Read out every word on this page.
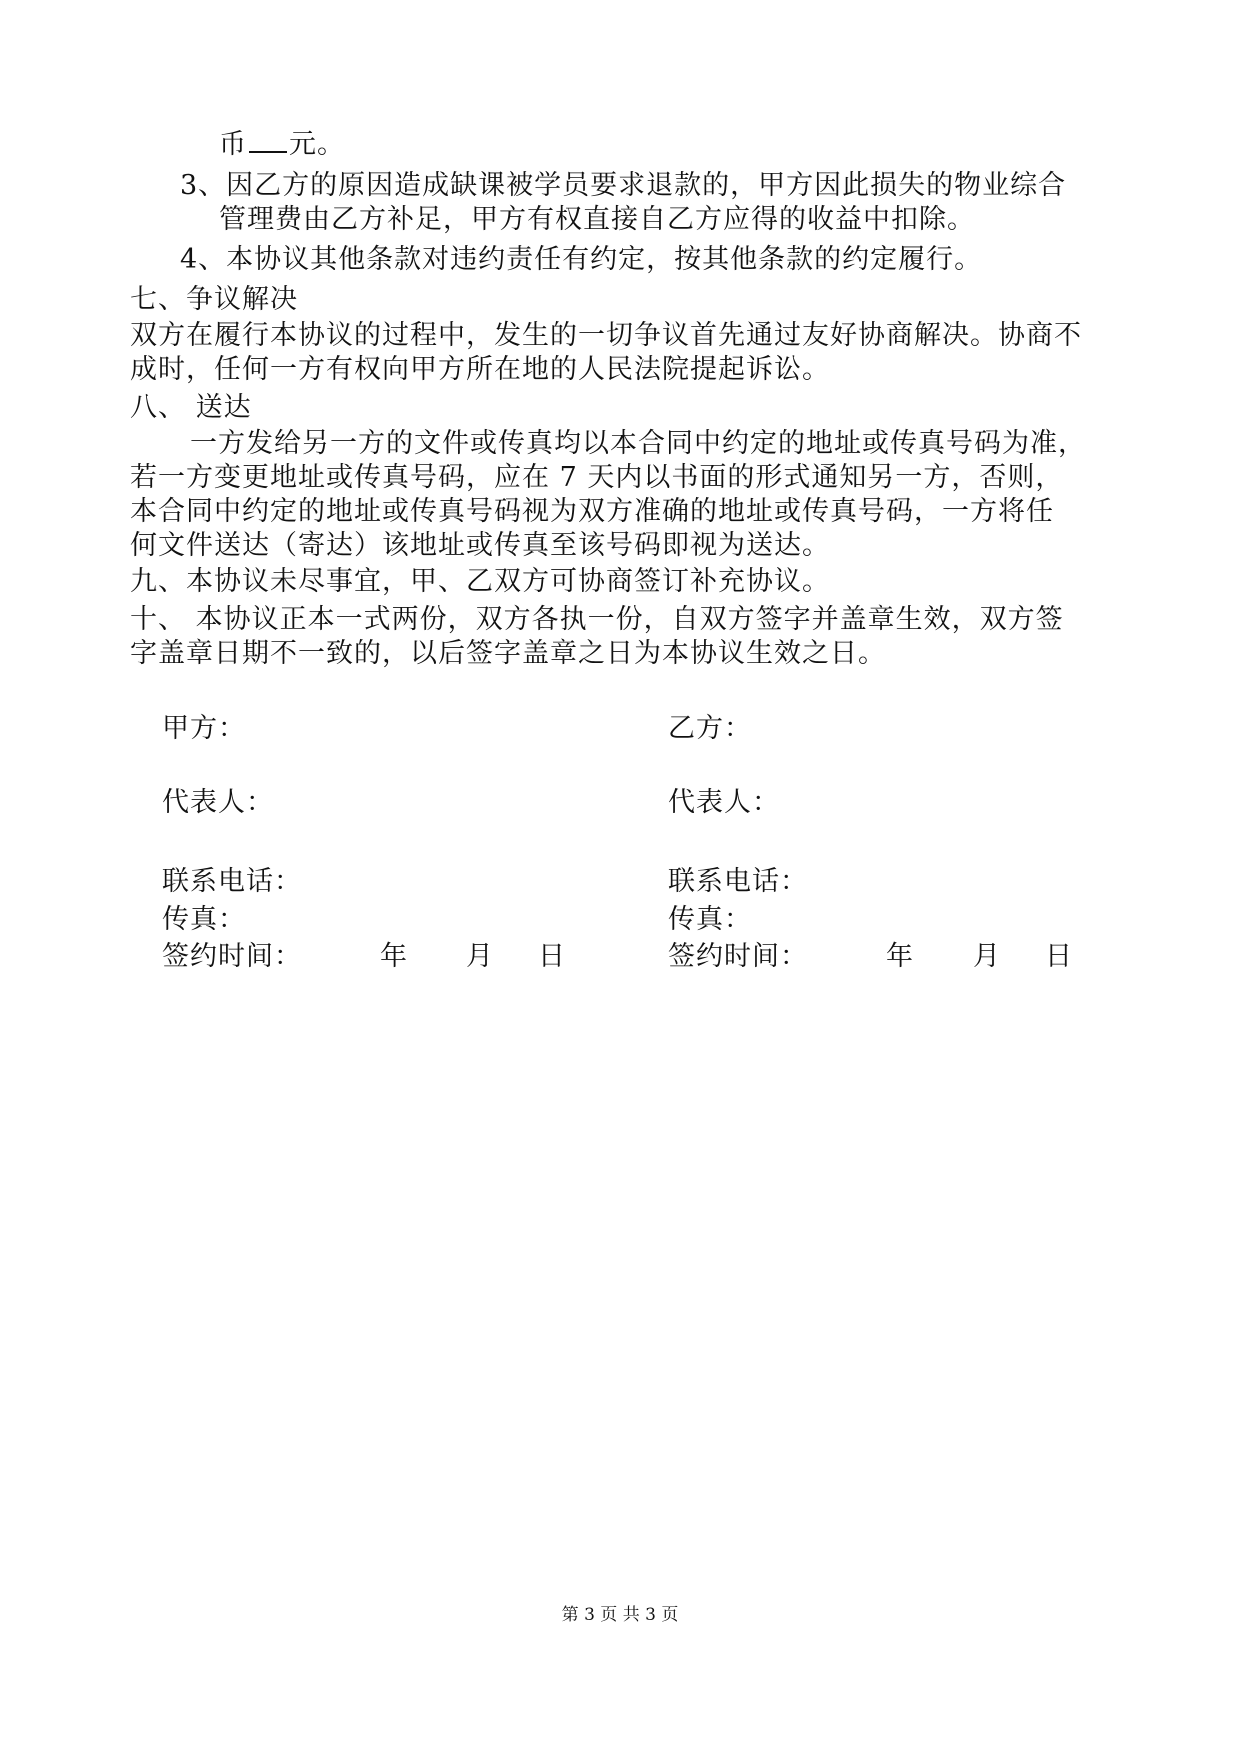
币 元。
3、因乙方的原因造成缺课被学员要求退款的，甲方因此损失的物业综合
管理费由乙方补足，甲方有权直接自乙方应得的收益中扣除。
4、本协议其他条款对违约责任有约定，按其他条款的约定履行。
七、争议解决
双方在履行本协议的过程中，发生的一切争议首先通过友好协商解决。协商不
成时，任何一方有权向甲方所在地的人民法院提起诉讼。
八、 送达
一方发给另一方的文件或传真均以本合同中约定的地址或传真号码为准，
若一方变更地址或传真号码，应在 7 天内以书面的形式通知另一方，否则，
本合同中约定的地址或传真号码视为双方准确的地址或传真号码，一方将任
何文件送达（寄达）该地址或传真至该号码即视为送达。
九、本协议未尽事宜，甲、乙双方可协商签订补充协议。
十、 本协议正本一式两份，双方各执一份，自双方签字并盖章生效，双方签
字盖章日期不一致的，以后签字盖章之日为本协议生效之日。
甲方：
代表人：
联系电话：
传真：
签约时间：	年 月 日
乙方：
代表人：
联系电话：
传真：
签约时间：	年 月 日
第 3 页 共 3 页
